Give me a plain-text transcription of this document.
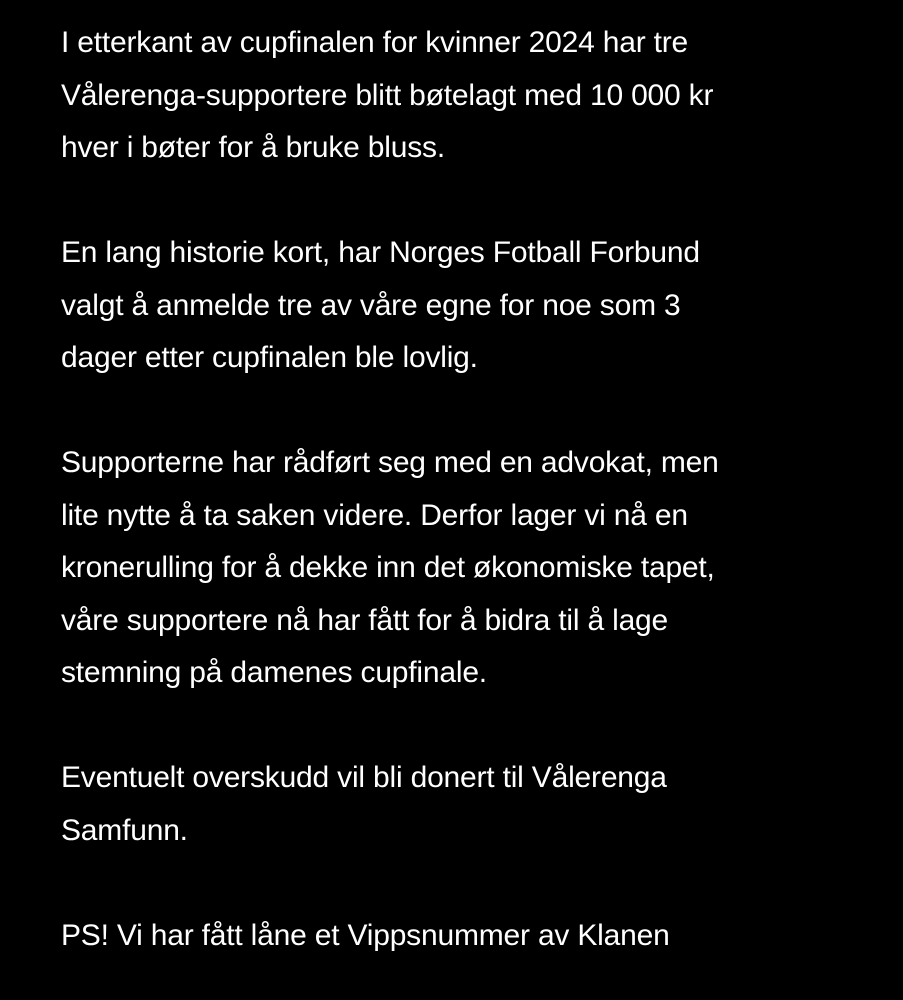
I etterkant av cupfinalen for kvinner 2024 har tre
Vålerenga-supportere blitt bøtelagt med 10 000 kr
hver i bøter for å bruke bluss.

En lang historie kort, har Norges Fotball Forbund
valgt å anmelde tre av våre egne for noe som 3
dager etter cupfinalen ble lovlig.

Supporterne har rådført seg med en advokat, men
lite nytte å ta saken videre. Derfor lager vi nå en
kronerulling for å dekke inn det økonomiske tapet,
våre supportere nå har fått for å bidra til å lage
stemning på damenes cupfinale.

Eventuelt overskudd vil bli donert til Vålerenga
Samfunn.

PS! Vi har fått låne et Vippsnummer av Klanen
